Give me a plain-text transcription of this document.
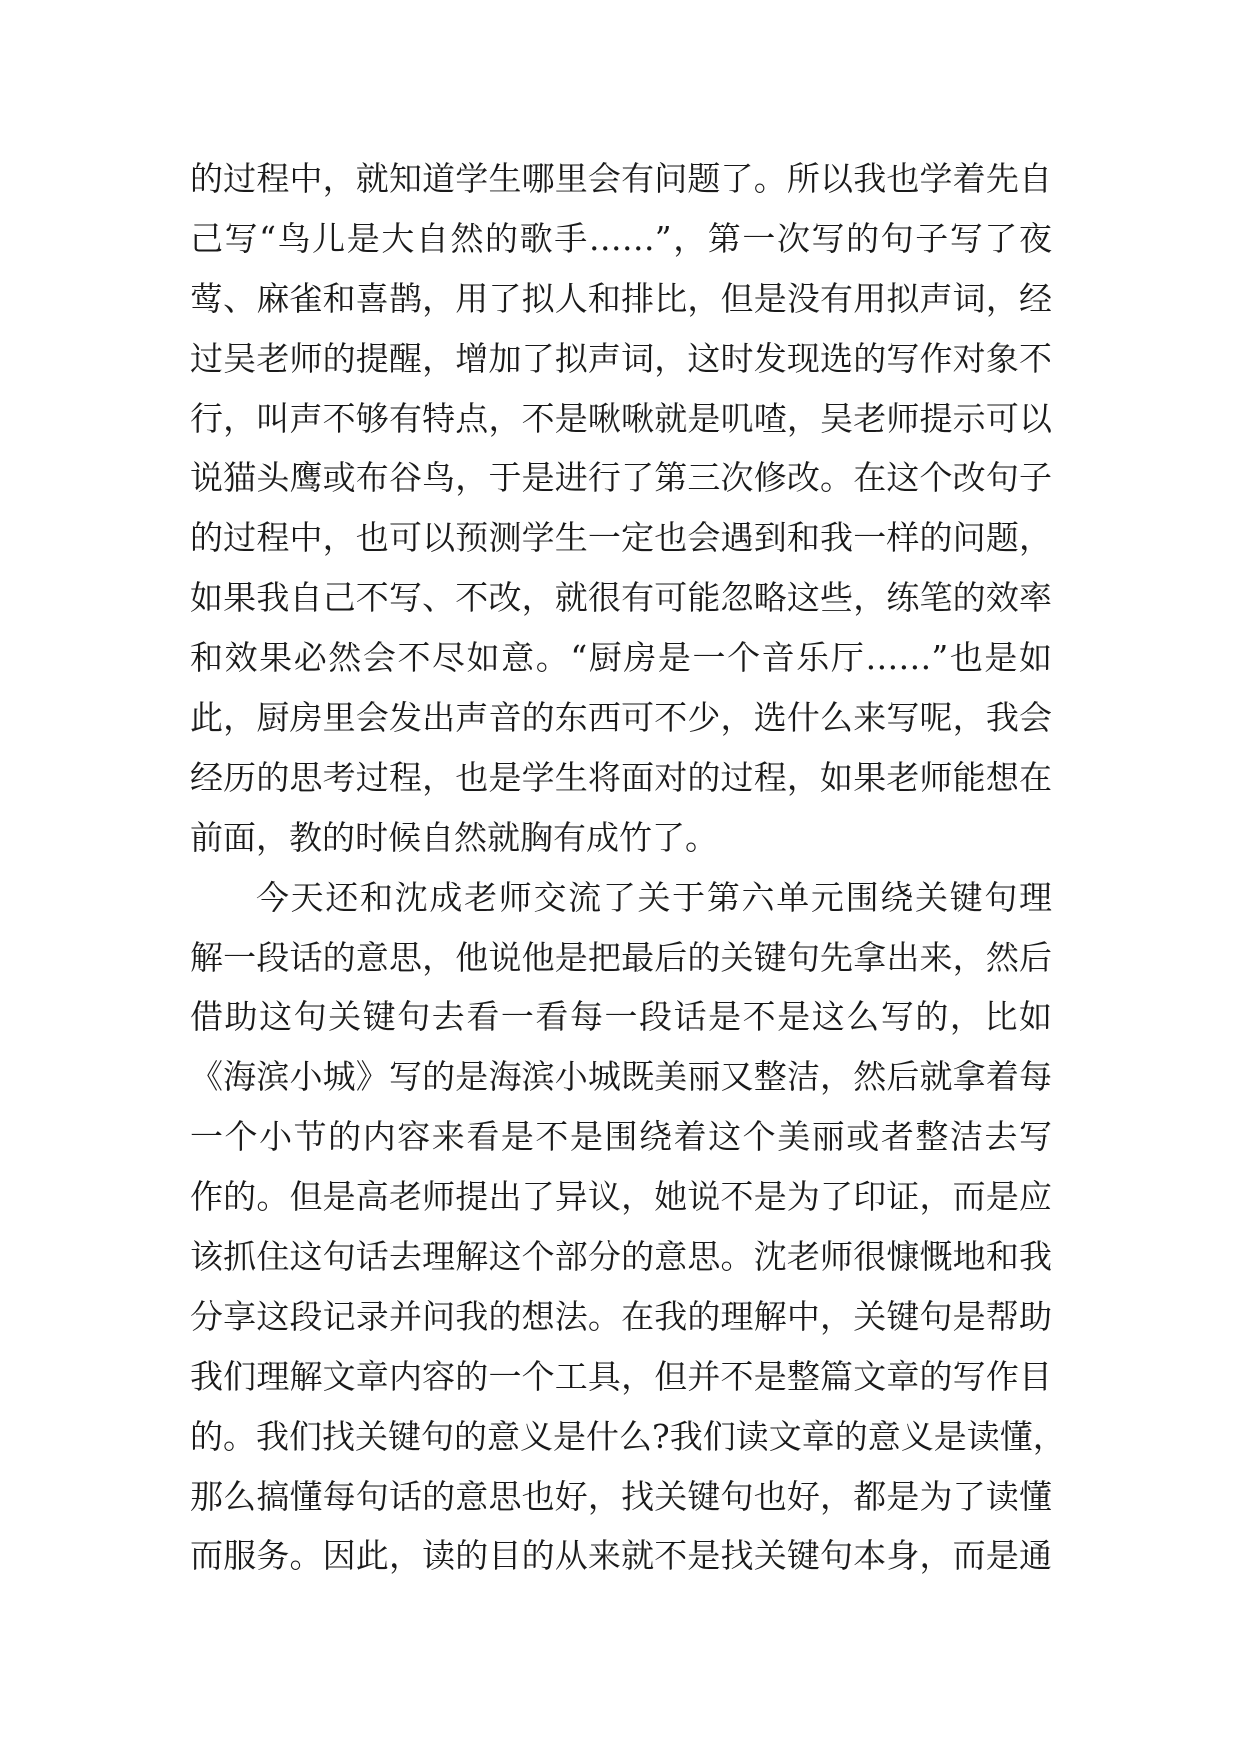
的过程中，就知道学生哪里会有问题了。所以我也学着先自
己写“鸟儿是大自然的歌手……”，第一次写的句子写了夜
莺、麻雀和喜鹊，用了拟人和排比，但是没有用拟声词，经
过吴老师的提醒，增加了拟声词，这时发现选的写作对象不
行，叫声不够有特点，不是啾啾就是叽喳，吴老师提示可以
说猫头鹰或布谷鸟，于是进行了第三次修改。在这个改句子
的过程中，也可以预测学生一定也会遇到和我一样的问题，
如果我自己不写、不改，就很有可能忽略这些，练笔的效率
和效果必然会不尽如意。“厨房是一个音乐厅……”也是如
此，厨房里会发出声音的东西可不少，选什么来写呢，我会
经历的思考过程，也是学生将面对的过程，如果老师能想在
前面，教的时候自然就胸有成竹了。
今天还和沈成老师交流了关于第六单元围绕关键句理
解一段话的意思，他说他是把最后的关键句先拿出来，然后
借助这句关键句去看一看每一段话是不是这么写的，比如
《海滨小城》写的是海滨小城既美丽又整洁，然后就拿着每
一个小节的内容来看是不是围绕着这个美丽或者整洁去写
作的。但是高老师提出了异议，她说不是为了印证，而是应
该抓住这句话去理解这个部分的意思。沈老师很慷慨地和我
分享这段记录并问我的想法。在我的理解中，关键句是帮助
我们理解文章内容的一个工具，但并不是整篇文章的写作目
的。我们找关键句的意义是什么?我们读文章的意义是读懂，
那么搞懂每句话的意思也好，找关键句也好，都是为了读懂
而服务。因此，读的目的从来就不是找关键句本身，而是通
